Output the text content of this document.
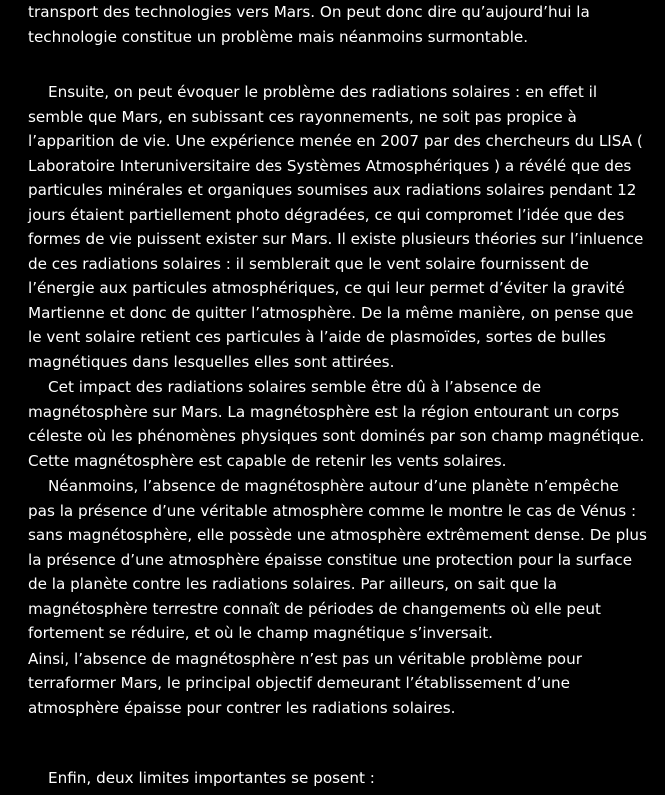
transport des technologies vers Mars. On peut donc dire qu’aujourd’hui la technologie constitue un problème mais néanmoins surmontable.

Ensuite, on peut évoquer le problème des radiations solaires : en effet il semble que Mars, en subissant ces rayonnements, ne soit pas propice à l’apparition de vie. Une expérience menée en 2007 par des chercheurs du LISA ( Laboratoire Interuniversitaire des Systèmes Atmosphériques ) a révélé que des particules minérales et organiques soumises aux radiations solaires pendant 12 jours étaient partiellement photo dégradées, ce qui compromet l’idée que des formes de vie puissent exister sur Mars. Il existe plusieurs théories sur l’inluence de ces radiations solaires : il semblerait que le vent solaire fournissent de l’énergie aux particules atmosphériques, ce qui leur permet d’éviter la gravité Martienne et donc de quitter l’atmosphère. De la même manière, on pense que le vent solaire retient ces particules à l’aide de plasmoïdes, sortes de bulles magnétiques dans lesquelles elles sont attirées.

Cet impact des radiations solaires semble être dû à l’absence de magnétosphère sur Mars. La magnétosphère est la région entourant un corps céleste où les phénomènes physiques sont dominés par son champ magnétique. Cette magnétosphère est capable de retenir les vents solaires.

Néanmoins, l’absence de magnétosphère autour d’une planète n’empêche pas la présence d’une véritable atmosphère comme le montre le cas de Vénus : sans magnétosphère, elle possède une atmosphère extrêmement dense. De plus la présence d’une atmosphère épaisse constitue une protection pour la surface de la planète contre les radiations solaires. Par ailleurs, on sait que la magnétosphère terrestre connaît de périodes de changements où elle peut fortement se réduire, et où le champ magnétique s’inversait.

Ainsi, l’absence de magnétosphère n’est pas un véritable problème pour terraformer Mars, le principal objectif demeurant l’établissement d’une atmosphère épaisse pour contrer les radiations solaires.

Enfin, deux limites importantes se posent :
